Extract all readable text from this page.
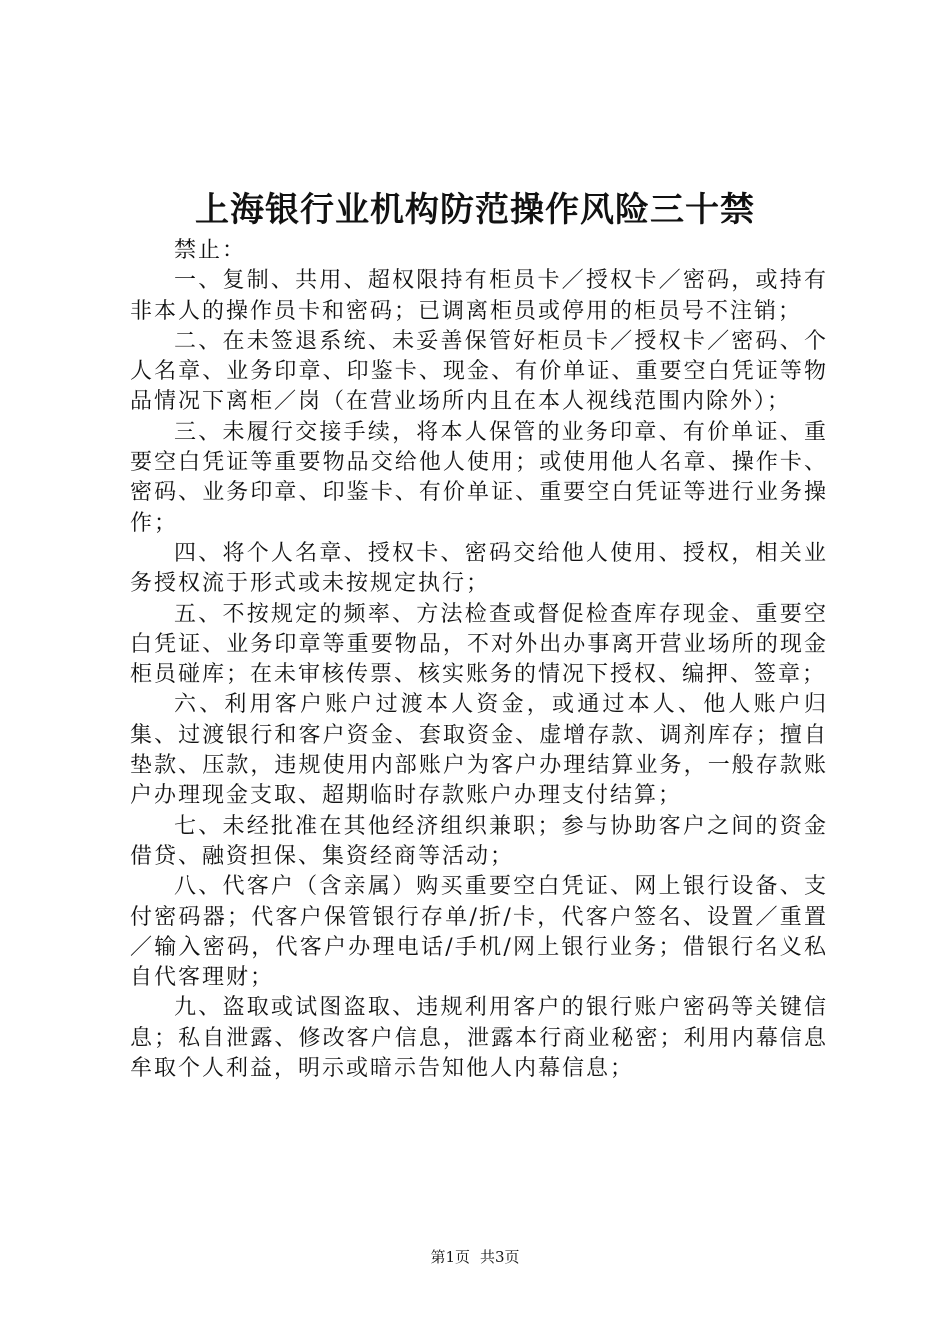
上海银行业机构防范操作风险三十禁

禁止：

一、复制、共用、超权限持有柜员卡／授权卡／密码，或持有非本人的操作员卡和密码；已调离柜员或停用的柜员号不注销；

二、在未签退系统、未妥善保管好柜员卡／授权卡／密码、个人名章、业务印章、印鉴卡、现金、有价单证、重要空白凭证等物品情况下离柜／岗（在营业场所内且在本人视线范围内除外）；

三、未履行交接手续，将本人保管的业务印章、有价单证、重要空白凭证等重要物品交给他人使用；或使用他人名章、操作卡、密码、业务印章、印鉴卡、有价单证、重要空白凭证等进行业务操作；

四、将个人名章、授权卡、密码交给他人使用、授权，相关业务授权流于形式或未按规定执行；

五、不按规定的频率、方法检查或督促检查库存现金、重要空白凭证、业务印章等重要物品，不对外出办事离开营业场所的现金柜员碰库；在未审核传票、核实账务的情况下授权、编押、签章；

六、利用客户账户过渡本人资金，或通过本人、他人账户归集、过渡银行和客户资金、套取资金、虚增存款、调剂库存；擅自垫款、压款，违规使用内部账户为客户办理结算业务，一般存款账户办理现金支取、超期临时存款账户办理支付结算；

七、未经批准在其他经济组织兼职；参与协助客户之间的资金借贷、融资担保、集资经商等活动；

八、代客户（含亲属）购买重要空白凭证、网上银行设备、支付密码器；代客户保管银行存单/折/卡，代客户签名、设置／重置／输入密码，代客户办理电话/手机/网上银行业务；借银行名义私自代客理财；

九、盗取或试图盗取、违规利用客户的银行账户密码等关键信息；私自泄露、修改客户信息，泄露本行商业秘密；利用内幕信息牟取个人利益，明示或暗示告知他人内幕信息；

第1页 共3页
